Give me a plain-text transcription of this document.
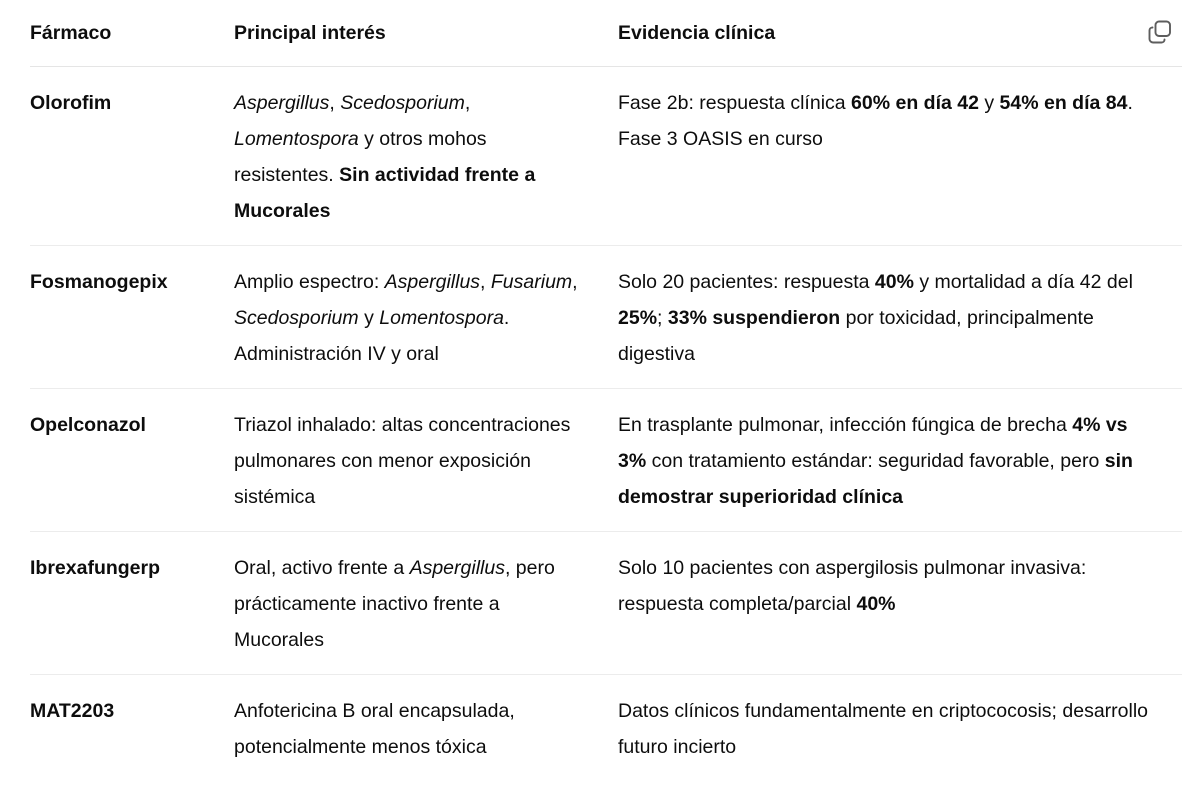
Fármaco	Principal interés	Evidencia clínica

Olorofim	Aspergillus, Scedosporium, Lomentospora y otros mohos resistentes. Sin actividad frente a Mucorales	Fase 2b: respuesta clínica 60% en día 42 y 54% en día 84. Fase 3 OASIS en curso

Fosmanogepix	Amplio espectro: Aspergillus, Fusarium, Scedosporium y Lomentospora. Administración IV y oral	Solo 20 pacientes: respuesta 40% y mortalidad a día 42 del 25%; 33% suspendieron por toxicidad, principalmente digestiva

Opelconazol	Triazol inhalado: altas concentraciones pulmonares con menor exposición sistémica	En trasplante pulmonar, infección fúngica de brecha 4% vs 3% con tratamiento estándar: seguridad favorable, pero sin demostrar superioridad clínica

Ibrexafungerp	Oral, activo frente a Aspergillus, pero prácticamente inactivo frente a Mucorales	Solo 10 pacientes con aspergilosis pulmonar invasiva: respuesta completa/parcial 40%

MAT2203	Anfotericina B oral encapsulada, potencialmente menos tóxica	Datos clínicos fundamentalmente en criptococosis; desarrollo futuro incierto
